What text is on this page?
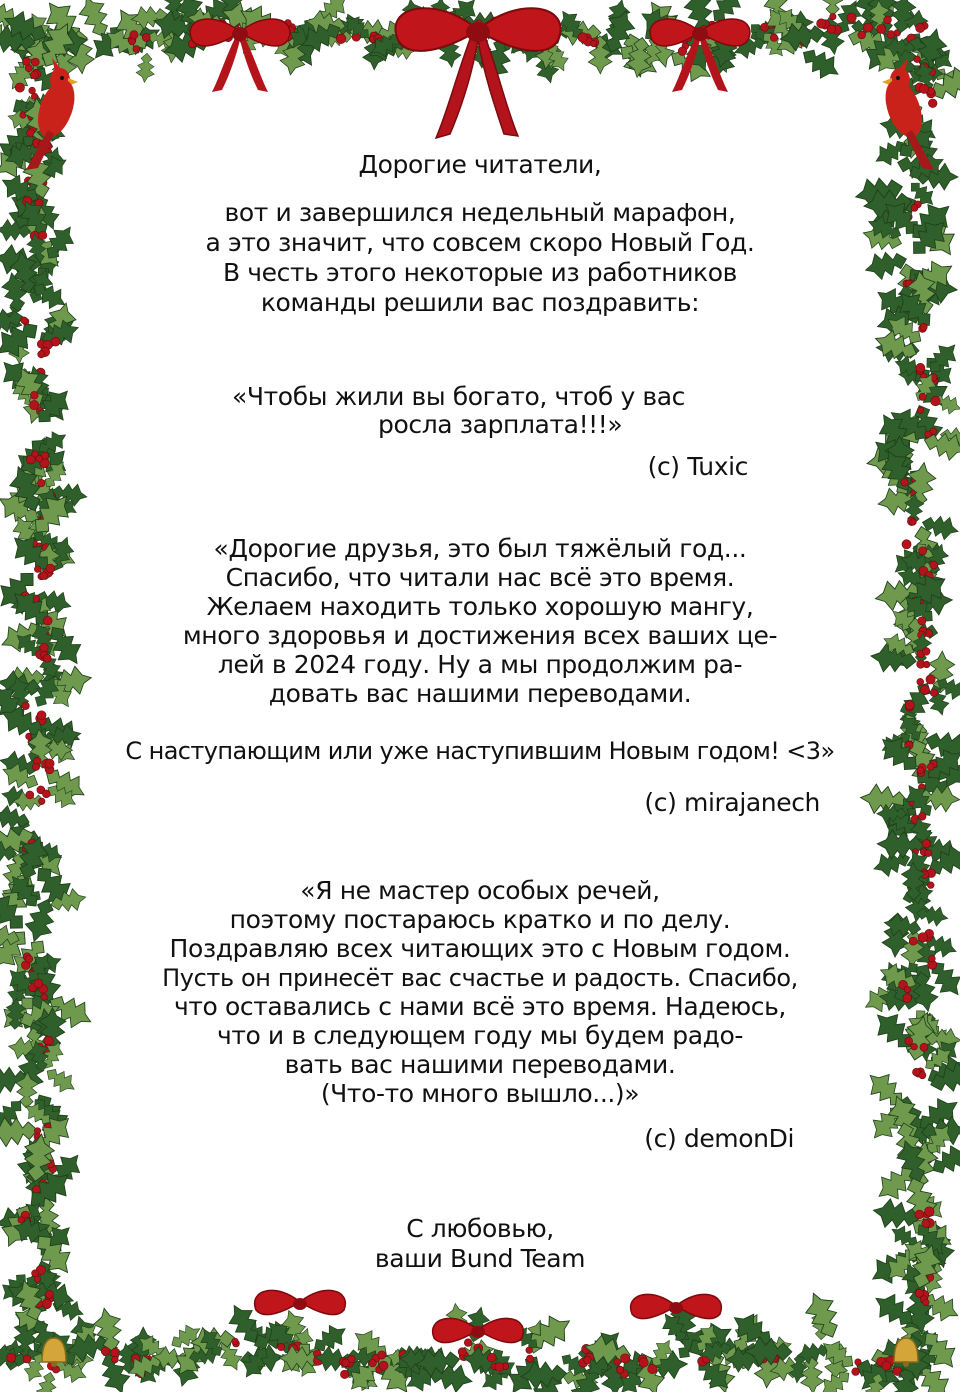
Дорогие читатели,

вот и завершился недельный марафон,

а это значит, что совсем скоро Новый Год.

В честь этого некоторые из работников

команды решили вас поздравить:

«Чтобы жили вы богато, чтоб у вас

росла зарплата!!!»

(c) Tuxic

«Дорогие друзья, это был тяжёлый год...

Спасибо, что читали нас всё это время.

Желаем находить только хорошую мангу,

много здоровья и достижения всех ваших це-

лей в 2024 году. Ну а мы продолжим ра-

довать вас нашими переводами.

С наступающим или уже наступившим Новым годом! <3»

(c) mirajanech

«Я не мастер особых речей,

поэтому постараюсь кратко и по делу.

Поздравляю всех читающих это с Новым годом.

Пусть он принесёт вас счастье и радость. Спасибо,

что оставались с нами всё это время. Надеюсь,

что и в следующем году мы будем радо-

вать вас нашими переводами.

(Что-то много вышло...)»

(c) demonDi

С любовью,

ваши Bund Team
